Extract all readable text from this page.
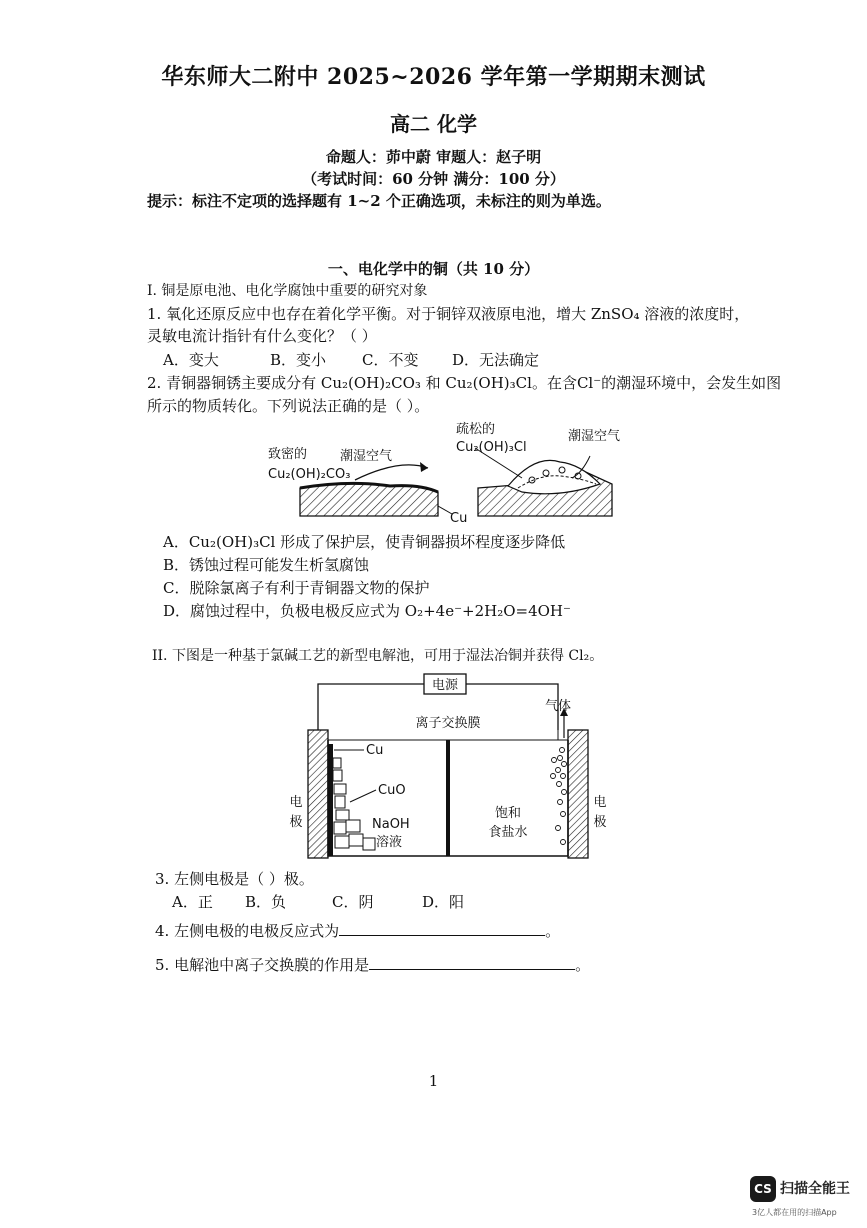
华东师大二附中 2025~2026 学年第一学期期末测试
高二 化学
命题人：茆中蔚 审题人：赵子明
（考试时间：60 分钟 满分：100 分）
提示：标注不定项的选择题有 1~2 个正确选项，未标注的则为单选。
一、电化学中的铜（共 10 分）
I. 铜是原电池、电化学腐蚀中重要的研究对象
1. 氧化还原反应中也存在着化学平衡。对于铜锌双液原电池，增大 ZnSO₄ 溶液的浓度时，
灵敏电流计指针有什么变化？（ ）
A．变大	B．变小 C．不变 D．无法确定
2. 青铜器铜锈主要成分有 Cu₂(OH)₂CO₃ 和 Cu₂(OH)₃Cl。在含Cl⁻的潮湿环境中，会发生如图
所示的物质转化。下列说法正确的是（ ）。
致密的
Cu₂(OH)₂CO₃
潮湿空气
疏松的
Cu₂(OH)₃Cl
潮湿空气
Cu
A．Cu₂(OH)₃Cl 形成了保护层，使青铜器损坏程度逐步降低
B．锈蚀过程可能发生析氢腐蚀
C．脱除氯离子有利于青铜器文物的保护
D．腐蚀过程中，负极电极反应式为 O₂+4e⁻+2H₂O=4OH⁻
II. 下图是一种基于氯碱工艺的新型电解池，可用于湿法冶铜并获得 Cl₂。
电源
离子交换膜
Cu
CuO
NaOH
溶液
饱和
食盐水
气体
电
极
电
极
3. 左侧电极是（ ）极。
A．正 B．负	C．阴	D．阳
4. 左侧电极的电极反应式为	。
5. 电解池中离子交换膜的作用是	。
1
CS 扫描全能王
3亿人都在用的扫描App
